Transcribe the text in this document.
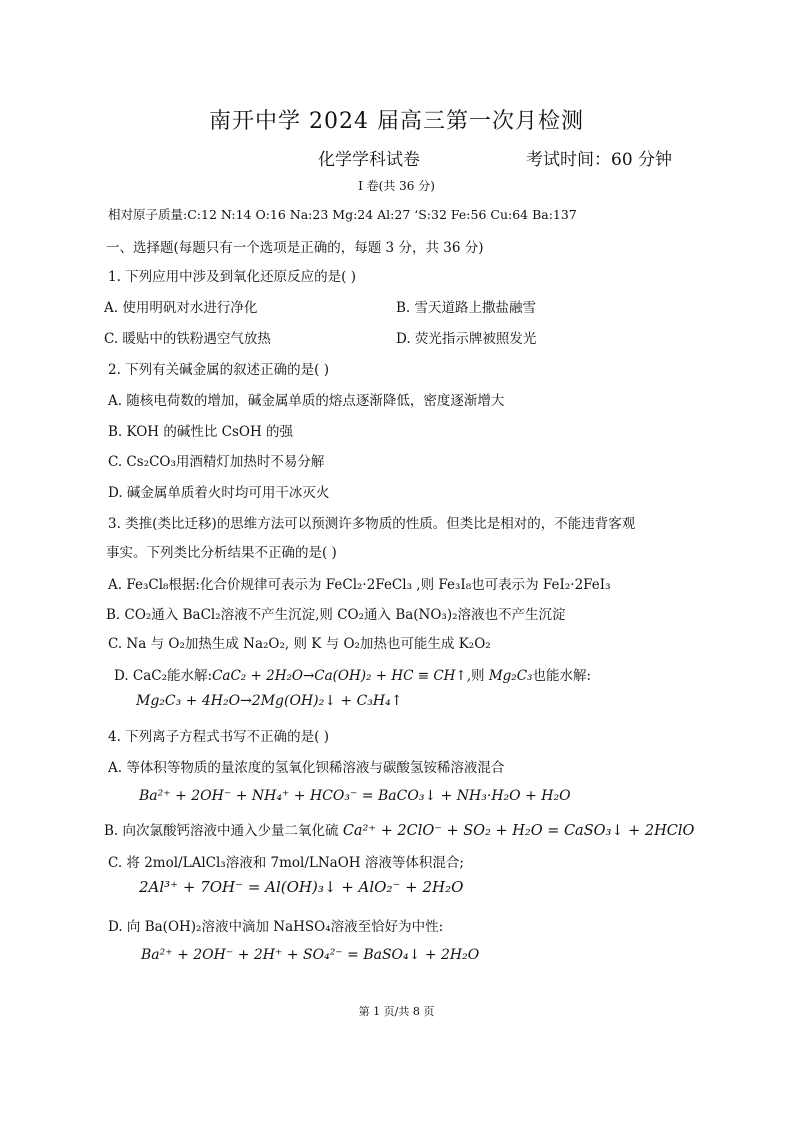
南开中学 2024 届高三第一次月检测
化学学科试卷	考试时间：60 分钟
I 卷(共 36 分)
相对原子质量:C:12 N:14 O:16 Na:23 Mg:24 Al:27 ‘S:32 Fe:56 Cu:64 Ba:137
一、选择题(每题只有一个选项是正确的，每题 3 分，共 36 分)
1. 下列应用中涉及到氧化还原反应的是( )
A. 使用明矾对水进行净化	B. 雪天道路上撒盐融雪
C. 暖贴中的铁粉遇空气放热	D. 荧光指示牌被照发光
2. 下列有关碱金属的叙述正确的是( )
A. 随核电荷数的增加，碱金属单质的熔点逐渐降低，密度逐渐增大
B. KOH 的碱性比 CsOH 的强
C. Cs₂CO₃用酒精灯加热时不易分解
D. 碱金属单质着火时均可用干冰灭火
3. 类推(类比迁移)的思维方法可以预测许多物质的性质。但类比是相对的，不能违背客观
事实。下列类比分析结果不正确的是( )
A. Fe₃Cl₈根据:化合价规律可表示为 FeCl₂·2FeCl₃ ,则 Fe₃I₈也可表示为 FeI₂·2FeI₃
B. CO₂通入 BaCl₂溶液不产生沉淀,则 CO₂通入 Ba(NO₃)₂溶液也不产生沉淀
C. Na 与 O₂加热生成 Na₂O₂, 则 K 与 O₂加热也可能生成 K₂O₂
D. CaC₂能水解:CaC₂ + 2H₂O→Ca(OH)₂ + HC ≡ CH↑,则 Mg₂C₃也能水解:
Mg₂C₃ + 4H₂O→2Mg(OH)₂↓ + C₃H₄↑
4. 下列离子方程式书写不正确的是( )
A. 等体积等物质的量浓度的氢氧化钡稀溶液与碳酸氢铵稀溶液混合
Ba²⁺ + 2OH⁻ + NH₄⁺ + HCO₃⁻ = BaCO₃↓ + NH₃·H₂O + H₂O
B. 向次氯酸钙溶液中通入少量二氧化硫 Ca²⁺ + 2ClO⁻ + SO₂ + H₂O = CaSO₃↓ + 2HClO
C. 将 2mol/LAlCl₃溶液和 7mol/LNaOH 溶液等体积混合;
2Al³⁺ + 7OH⁻ = Al(OH)₃↓ + AlO₂⁻ + 2H₂O
D. 向 Ba(OH)₂溶液中滴加 NaHSO₄溶液至恰好为中性:
Ba²⁺ + 2OH⁻ + 2H⁺ + SO₄²⁻ = BaSO₄↓ + 2H₂O
第 1 页/共 8 页
